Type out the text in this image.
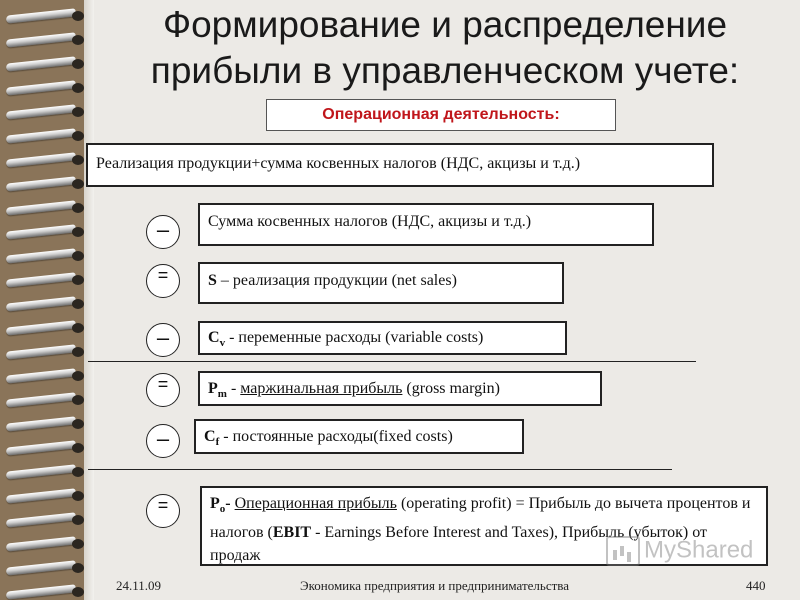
Формирование и распределение прибыли в управленческом учете:
Операционная деятельность:
Реализация продукции+сумма косвенных налогов (НДС, акцизы и т.д.)
–	Сумма косвенных налогов (НДС, акцизы и т.д.)
=
	S – реализация продукции (net sales)
–	$C_v$ - переменные расходы (variable costs)
=
	$P_m$ - маржинальная прибыль (gross margin)
–	$C_f$ - постоянные расходы(fixed costs)
=
	$P_o-$ Операционная прибыль (operating profit) = Прибыль до вычета процентов и налогов (EBIT - Earnings Before Interest and Taxes), Прибыль (убыток) от продаж	MyShared
24.11.09	Экономика предприятия и предпринимательства	440
